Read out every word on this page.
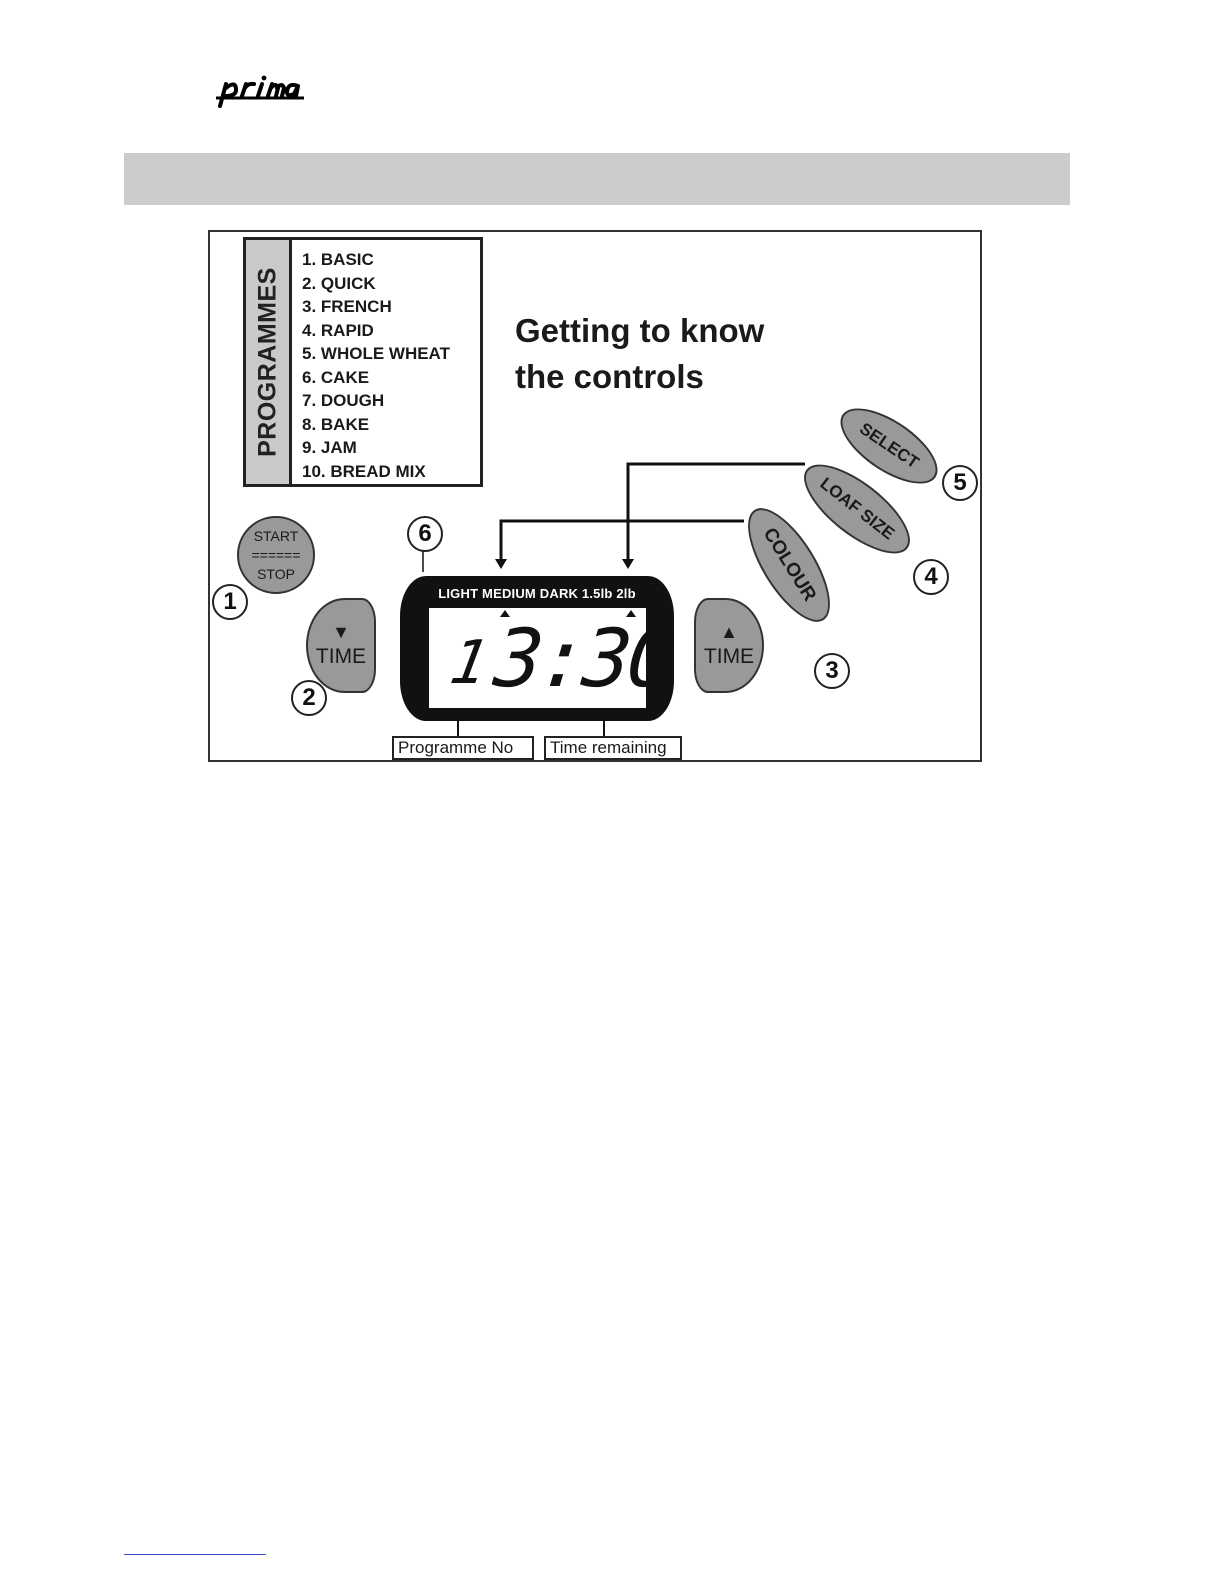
PROGRAMMES
1. BASIC
2. QUICK
3. FRENCH
4. RAPID
5. WHOLE WHEAT
6. CAKE
7. DOUGH
8. BAKE
9. JAM
10. BREAD MIX
Getting to know
the controls
START
======
STOP
1
▼
TIME
2
LIGHT MEDIUM DARK 1.5lb 2lb
1
3:30
6
▲
TIME
COLOUR
3
LOAF SIZE
4
SELECT
5
Programme No	Time remaining
